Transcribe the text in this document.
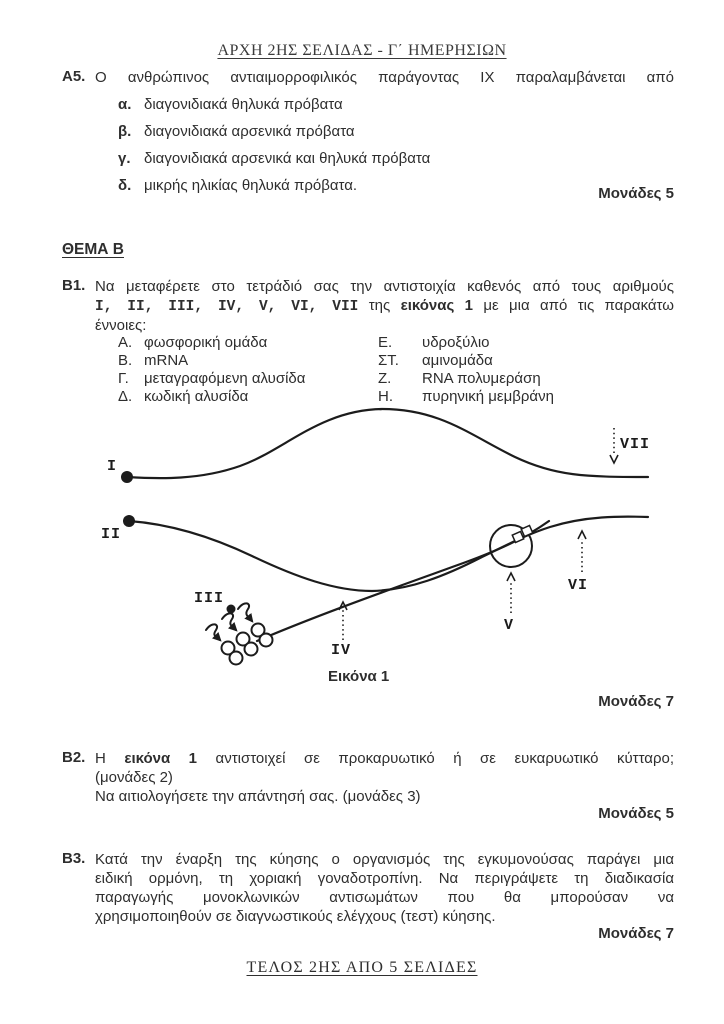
ΑΡΧΗ 2ΗΣ ΣΕΛΙΔΑΣ - Γ΄ ΗΜΕΡΗΣΙΩΝ
Α5. Ο ανθρώπινος αντιαιμορροφιλικός παράγοντας IX παραλαμβάνεται από
α. διαγονιδιακά θηλυκά πρόβατα
β. διαγονιδιακά αρσενικά πρόβατα
γ. διαγονιδιακά αρσενικά και θηλυκά πρόβατα
δ. μικρής ηλικίας θηλυκά πρόβατα.	Μονάδες 5
ΘΕΜΑ Β
Β1. Να μεταφέρετε στο τετράδιό σας την αντιστοιχία καθενός από τους αριθμούς
I, II, III, IV, V, VI, VII της εικόνας 1 με μια από τις παρακάτω
έννοιες:
Α. φωσφορική ομάδα	Ε. υδροξύλιο
Β. mRNA	ΣΤ. αμινομάδα
Γ. μεταγραφόμενη αλυσίδα	Ζ. RNA πολυμεράση
Δ. κωδική αλυσίδα	Η. πυρηνική μεμβράνη
I
II
III
IV
V
VI
VII
Εικόνα 1
Μονάδες 7
Β2. Η εικόνα 1 αντιστοιχεί σε προκαρυωτικό ή σε ευκαρυωτικό κύτταρο;
(μονάδες 2)
Να αιτιολογήσετε την απάντησή σας. (μονάδες 3)
Μονάδες 5
Β3. Κατά την έναρξη της κύησης ο οργανισμός της εγκυμονούσας παράγει μια
ειδική ορμόνη, τη χοριακή γοναδοτροπίνη. Να περιγράψετε τη διαδικασία
παραγωγής μονοκλωνικών αντισωμάτων που θα μπορούσαν να
χρησιμοποιηθούν σε διαγνωστικούς ελέγχους (τεστ) κύησης.
Μονάδες 7
ΤΕΛΟΣ 2ΗΣ ΑΠΟ 5 ΣΕΛΙΔΕΣ
